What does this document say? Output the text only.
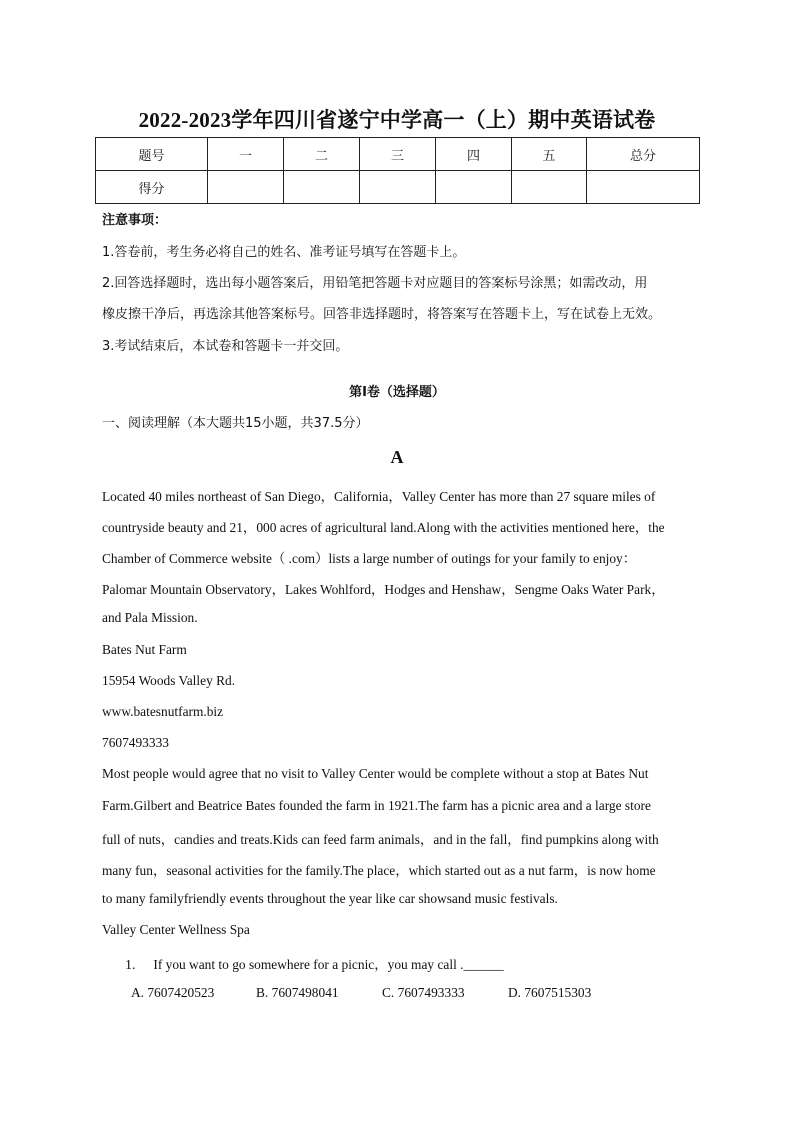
2022-2023学年四川省遂宁中学高一（上）期中英语试卷
题号	一	二	三	四	五	总分
得分						
注意事项：
1.答卷前，考生务必将自己的姓名、准考证号填写在答题卡上。
2.回答选择题时，选出每小题答案后，用铅笔把答题卡对应题目的答案标号涂黑；如需改动，用
橡皮擦干净后，再选涂其他答案标号。回答非选择题时，将答案写在答题卡上，写在试卷上无效。
3.考试结束后，本试卷和答题卡一并交回。
第I卷（选择题）
一、阅读理解（本大题共15小题，共37.5分）
A
Located 40 miles northeast of San Diego，California，Valley Center has more than 27 square miles of
countryside beauty and 21，000 acres of agricultural land.Along with the activities mentioned here，the
Chamber of Commerce website（ .com）lists a large number of outings for your family to enjoy：
Palomar Mountain Observatory，Lakes Wohlford，Hodges and Henshaw，Sengme Oaks Water Park，
and Pala Mission.
Bates Nut Farm
15954 Woods Valley Rd.
www.batesnutfarm.biz
7607493333
Most people would agree that no visit to Valley Center would be complete without a stop at Bates Nut
Farm.Gilbert and Beatrice Bates founded the farm in 1921.The farm has a picnic area and a large store
full of nuts，candies and treats.Kids can feed farm animals，and in the fall，find pumpkins along with
many fun，seasonal activities for the family.The place，which started out as a nut farm，is now home
to many familyfriendly events throughout the year like car showsand music festivals.
Valley Center Wellness Spa
1. If you want to go somewhere for a picnic，you may call .______
A. 7607420523	B. 7607498041	C. 7607493333	D. 7607515303
